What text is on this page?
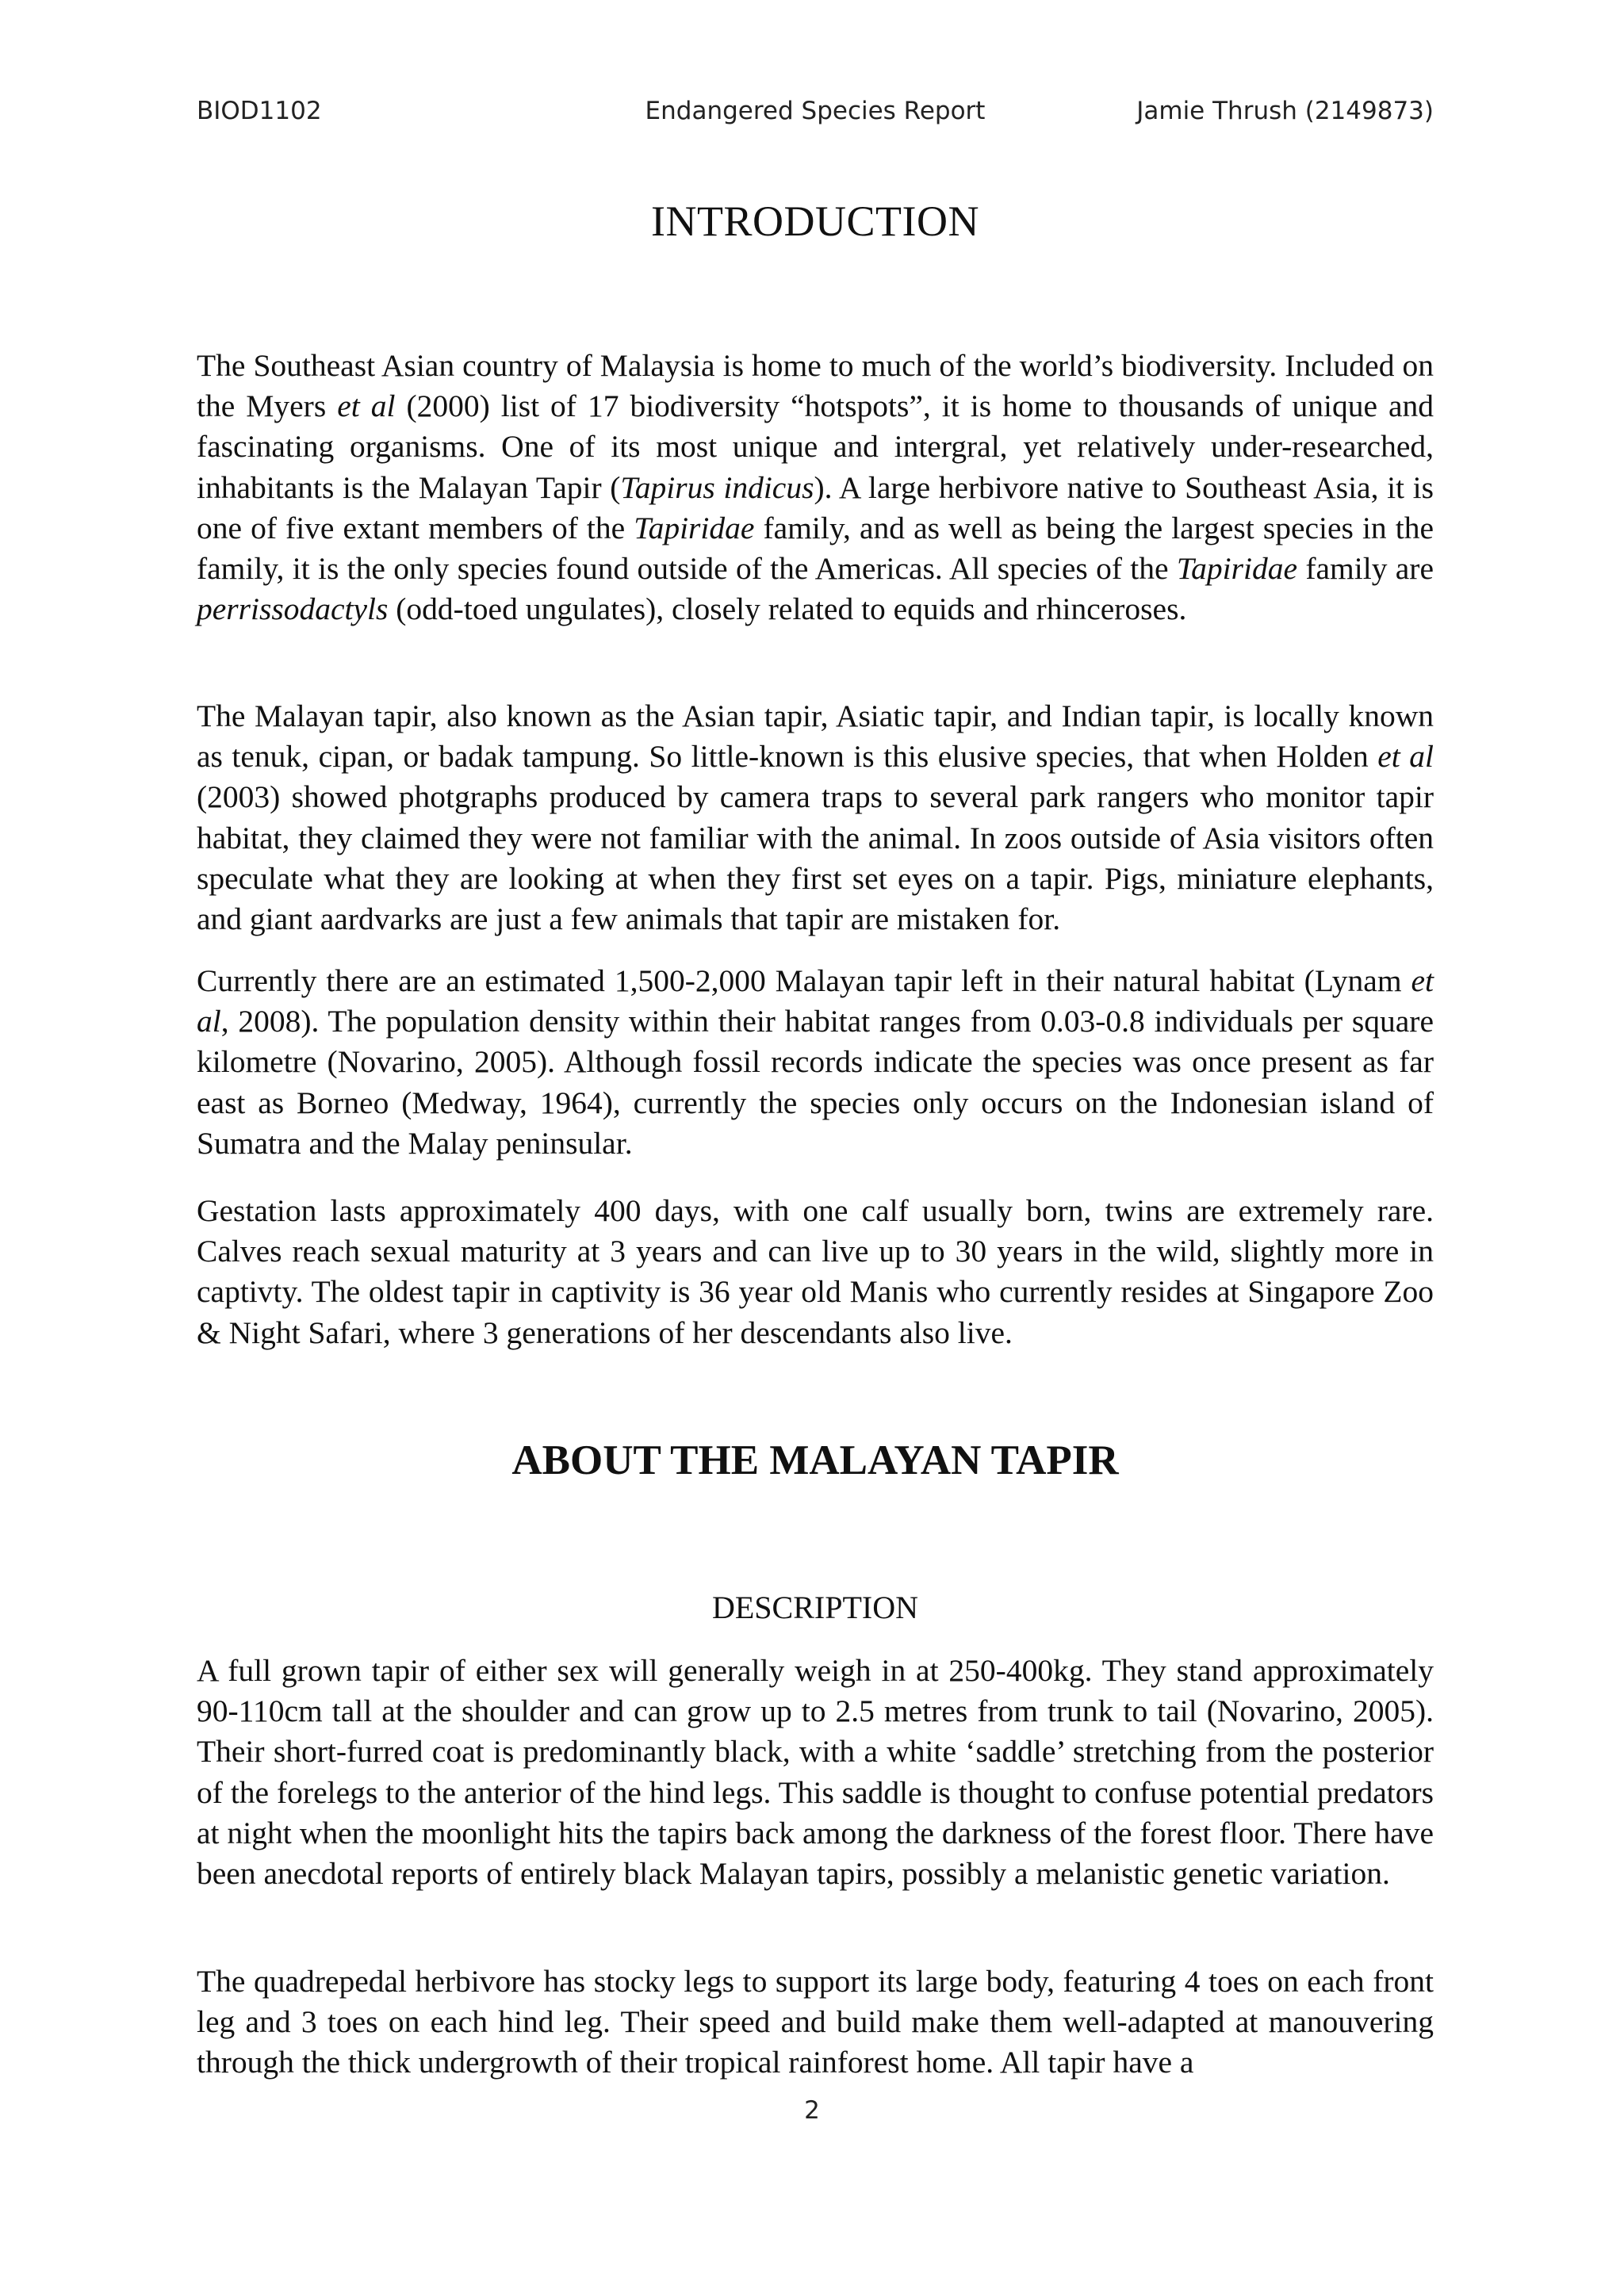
BIOD1102	Endangered Species Report	Jamie Thrush (2149873)
INTRODUCTION

The Southeast Asian country of Malaysia is home to much of the world’s biodiversity. Included on the Myers et al (2000) list of 17 biodiversity “hotspots”, it is home to thousands of unique and fascinating organisms. One of its most unique and intergral, yet relatively under-researched, inhabitants is the Malayan Tapir (Tapirus indicus). A large herbivore native to Southeast Asia, it is one of five extant members of the Tapiridae family, and as well as being the largest species in the family, it is the only species found outside of the Americas. All species of the Tapiridae family are perrissodactyls (odd-toed ungulates), closely related to equids and rhinceroses.

The Malayan tapir, also known as the Asian tapir, Asiatic tapir, and Indian tapir, is locally known as tenuk, cipan, or badak tampung. So little-known is this elusive species, that when Holden et al (2003) showed photgraphs produced by camera traps to several park rangers who monitor tapir habitat, they claimed they were not familiar with the animal. In zoos outside of Asia visitors often speculate what they are looking at when they first set eyes on a tapir. Pigs, miniature elephants, and giant aardvarks are just a few animals that tapir are mistaken for.

Currently there are an estimated 1,500-2,000 Malayan tapir left in their natural habitat (Lynam et al, 2008). The population density within their habitat ranges from 0.03-0.8 individuals per square kilometre (Novarino, 2005). Although fossil records indicate the species was once present as far east as Borneo (Medway, 1964), currently the species only occurs on the Indonesian island of Sumatra and the Malay peninsular.

Gestation lasts approximately 400 days, with one calf usually born, twins are extremely rare. Calves reach sexual maturity at 3 years and can live up to 30 years in the wild, slightly more in captivty. The oldest tapir in captivity is 36 year old Manis who currently resides at Singapore Zoo & Night Safari, where 3 generations of her descendants also live.

ABOUT THE MALAYAN TAPIR
DESCRIPTION

A full grown tapir of either sex will generally weigh in at 250-400kg. They stand approximately 90-110cm tall at the shoulder and can grow up to 2.5 metres from trunk to tail (Novarino, 2005). Their short-furred coat is predominantly black, with a white ‘saddle’ stretching from the posterior of the forelegs to the anterior of the hind legs. This saddle is thought to confuse potential predators at night when the moonlight hits the tapirs back among the darkness of the forest floor. There have been anecdotal reports of entirely black Malayan tapirs, possibly a melanistic genetic variation.

The quadrepedal herbivore has stocky legs to support its large body, featuring 4 toes on each front leg and 3 toes on each hind leg. Their speed and build make them well-adapted at manouvering through the thick undergrowth of their tropical rainforest home. All tapir have a

2
